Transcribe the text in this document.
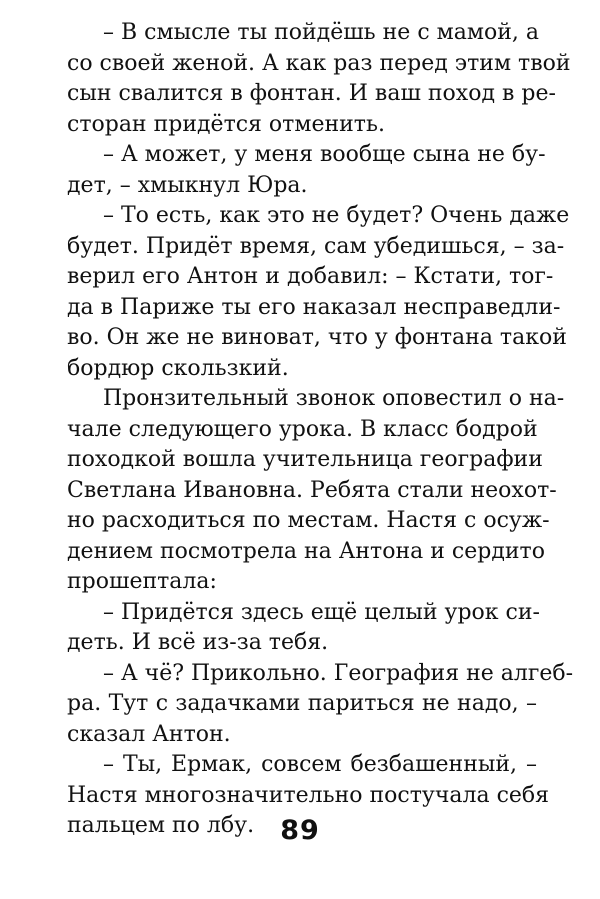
– В смысле ты пойдёшь не с мамой, а
со своей женой. А как раз перед этим твой
сын свалится в фонтан. И ваш поход в ре-
сторан придётся отменить.
– А может, у меня вообще сына не бу-
дет, – хмыкнул Юра.
– То есть, как это не будет? Очень даже
будет. Придёт время, сам убедишься, – за-
верил его Антон и добавил: – Кстати, тог-
да в Париже ты его наказал несправедли-
во. Он же не виноват, что у фонтана такой
бордюр скользкий.
Пронзительный звонок оповестил о на-
чале следующего урока. В класс бодрой
походкой вошла учительница географии
Светлана Ивановна. Ребята стали неохот-
но расходиться по местам. Настя с осуж-
дением посмотрела на Антона и сердито
прошептала:
– Придётся здесь ещё целый урок си-
деть. И всё из-за тебя.
– А чё? Прикольно. География не алгеб-
ра. Тут с задачками париться не надо, –
сказал Антон.
– Ты, Ермак, совсем безбашенный, –
Настя многозначительно постучала себя
пальцем по лбу. 89
